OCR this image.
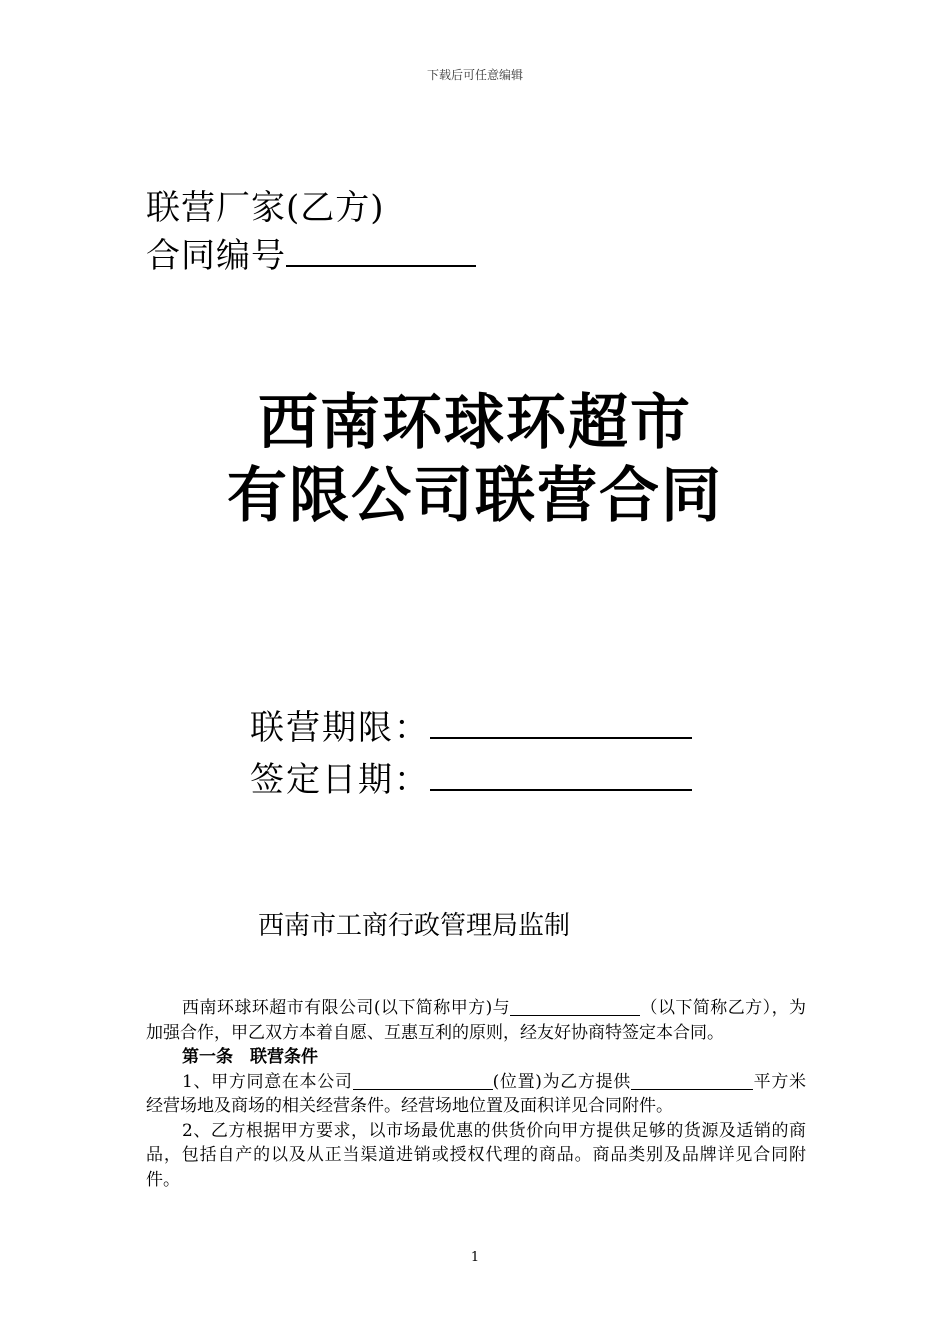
下载后可任意编辑
联营厂家(乙方)
合同编号
西南环球环超市
有限公司联营合同
联营期限：
签定日期：
西南市工商行政管理局监制

西南环球环超市有限公司(以下简称甲方)与	（以下简称乙方），为加强合作，甲乙双方本着自愿、互惠互利的原则，经友好协商特签定本合同。

第一条　联营条件

1、甲方同意在本公司	(位置)为乙方提供	平方米经营场地及商场的相关经营条件。经营场地位置及面积详见合同附件。

2、乙方根据甲方要求，以市场最优惠的供货价向甲方提供足够的货源及适销的商品，包括自产的以及从正当渠道进销或授权代理的商品。商品类别及品牌详见合同附件。

1
